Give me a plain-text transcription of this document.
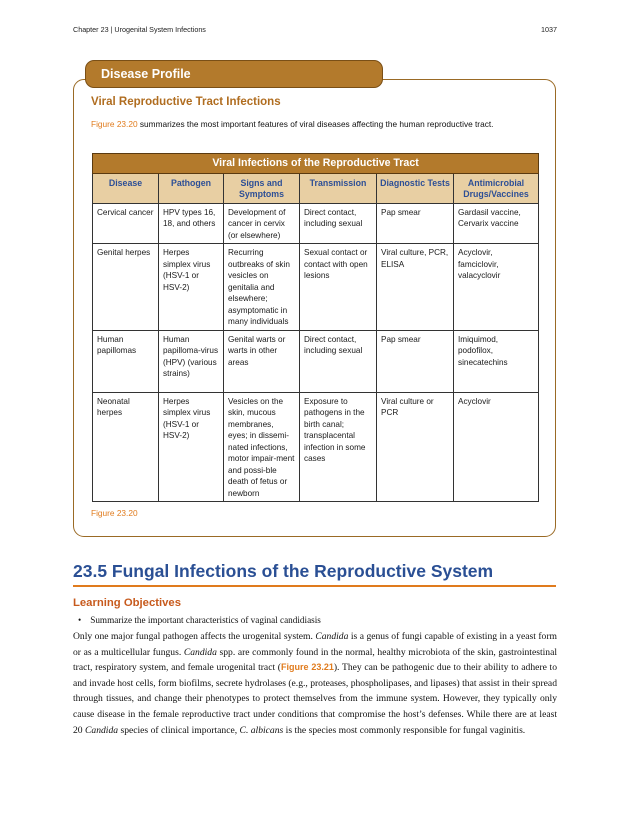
Chapter 23 | Urogenital System Infections	1037
Disease Profile
Viral Reproductive Tract Infections
Figure 23.20 summarizes the most important features of viral diseases affecting the human reproductive tract.
Viral Infections of the Reproductive Tract					
Disease	Pathogen	Signs and Symptoms	Transmission	Diagnostic Tests	Antimicrobial Drugs/Vaccines
Cervical cancer	HPV types 16, 18, and others	Development of cancer in cervix (or elsewhere)	Direct contact, including sexual	Pap smear	Gardasil vaccine, Cervarix vaccine
Genital herpes	Herpes simplex virus (HSV-1 or HSV-2)	Recurring outbreaks of skin vesicles on genitalia and elsewhere; asymptomatic in many individuals	Sexual contact or contact with open lesions	Viral culture, PCR, ELISA	Acyclovir, famciclovir, valacyclovir
Human papillomas	Human papilloma-virus (HPV) (various strains)	Genital warts or warts in other areas	Direct contact, including sexual	Pap smear	Imiquimod, podofilox, sinecatechins
Neonatal herpes	Herpes simplex virus (HSV-1 or HSV-2)	Vesicles on the skin, mucous membranes, eyes; in dissemi-nated infections, motor impair-ment and possi-ble death of fetus or newborn	Exposure to pathogens in the birth canal; transplacental infection in some cases	Viral culture or PCR	Acyclovir
Figure 23.20
23.5 Fungal Infections of the Reproductive System
Learning Objectives
• Summarize the important characteristics of vaginal candidiasis

Only one major fungal pathogen affects the urogenital system. Candida is a genus of fungi capable of existing in a yeast form or as a multicellular fungus. Candida spp. are commonly found in the normal, healthy microbiota of the skin, gastrointestinal tract, respiratory system, and female urogenital tract (Figure 23.21). They can be pathogenic due to their ability to adhere to and invade host cells, form biofilms, secrete hydrolases (e.g., proteases, phospholipases, and lipases) that assist in their spread through tissues, and change their phenotypes to protect themselves from the immune system. However, they typically only cause disease in the female reproductive tract under conditions that compromise the host’s defenses. While there are at least 20 Candida species of clinical importance, C. albicans is the species most commonly responsible for fungal vaginitis.
